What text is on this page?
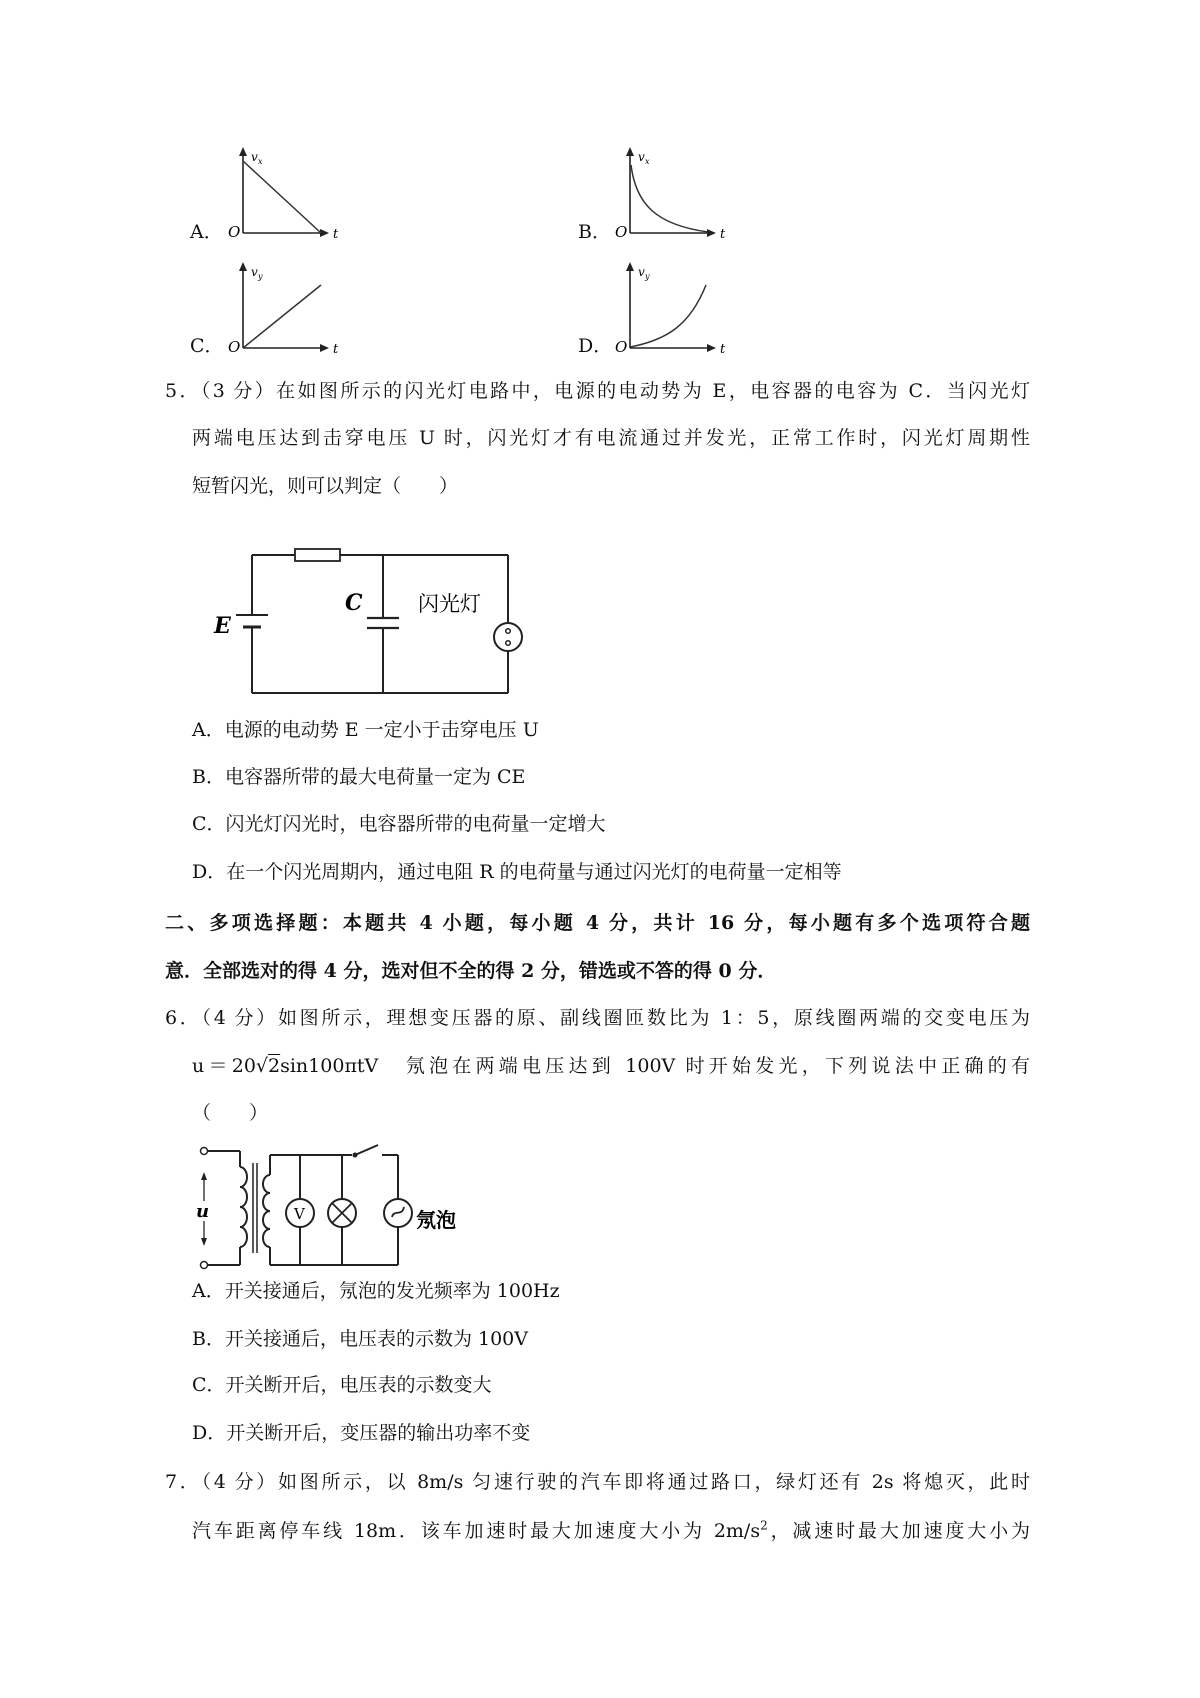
A．
v x
t
O	B．
v x
t
O
C．
v y
t
O	D．
v y
t
O
5．（3 分）在如图所示的闪光灯电路中，电源的电动势为 E，电容器的电容为 C．当闪光灯
两端电压达到击穿电压 U 时，闪光灯才有电流通过并发光，正常工作时，闪光灯周期性
短暂闪光，则可以判定（　　）
E
C	闪光灯
A．电源的电动势 E 一定小于击穿电压 U
B．电容器所带的最大电荷量一定为 CE
C．闪光灯闪光时，电容器所带的电荷量一定增大
D．在一个闪光周期内，通过电阻 R 的电荷量与通过闪光灯的电荷量一定相等
二、多项选择题：本题共 4 小题，每小题 4 分，共计 16 分，每小题有多个选项符合题
意．全部选对的得 4 分，选对但不全的得 2 分，错选或不答的得 0 分．
6．（4 分）如图所示，理想变压器的原、副线圈匝数比为 1：5，原线圈两端的交变电压为
u＝20√2sin100πtV　氖泡在两端电压达到 100V 时开始发光，下列说法中正确的有
（　　）
u	V	氖泡
A．开关接通后，氖泡的发光频率为 100Hz
B．开关接通后，电压表的示数为 100V
C．开关断开后，电压表的示数变大
D．开关断开后，变压器的输出功率不变
7．（4 分）如图所示，以 8m/s 匀速行驶的汽车即将通过路口，绿灯还有 2s 将熄灭，此时
汽车距离停车线 18m．该车加速时最大加速度大小为 $2m/s^2$，减速时最大加速度大小为
